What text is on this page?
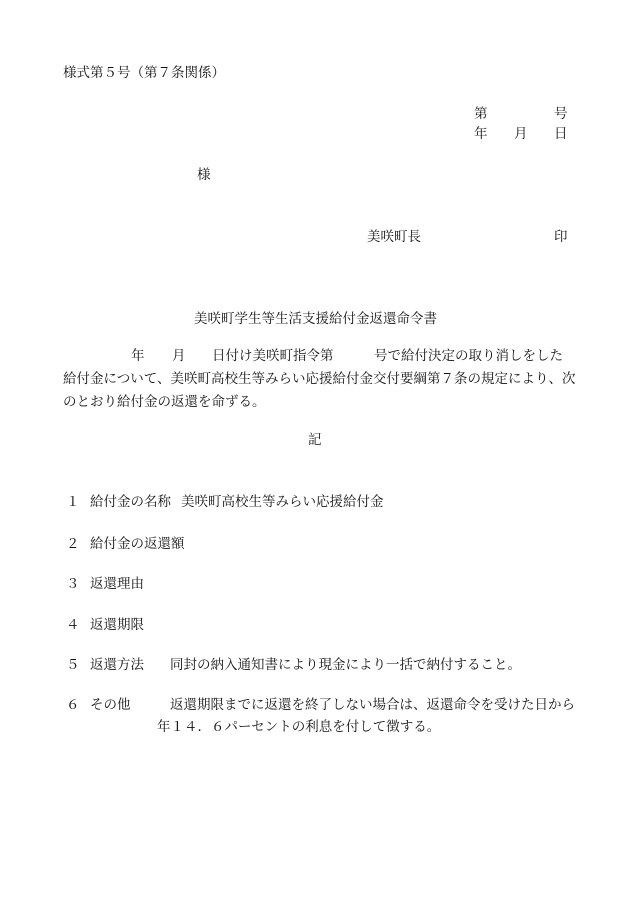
様式第５号（第７条関係）
第	号
年 月 日
様
美咲町長	印
美咲町学生等生活支援給付金返還命令書
年 月 日付け美咲町指令第　　　号で給付決定の取り消しをした
給付金について、美咲町高校生等みらい応援給付金交付要綱第７条の規定により、次
のとおり給付金の返還を命ずる。
記
１ 給付金の名称 美咲町高校生等みらい応援給付金
２ 給付金の返還額
３ 返還理由
４ 返還期限
５ 返還方法 同封の納入通知書により現金により一括で納付すること。
６ その他	返還期限までに返還を終了しない場合は、返還命令を受けた日から
年１４．６パーセントの利息を付して徴する。
